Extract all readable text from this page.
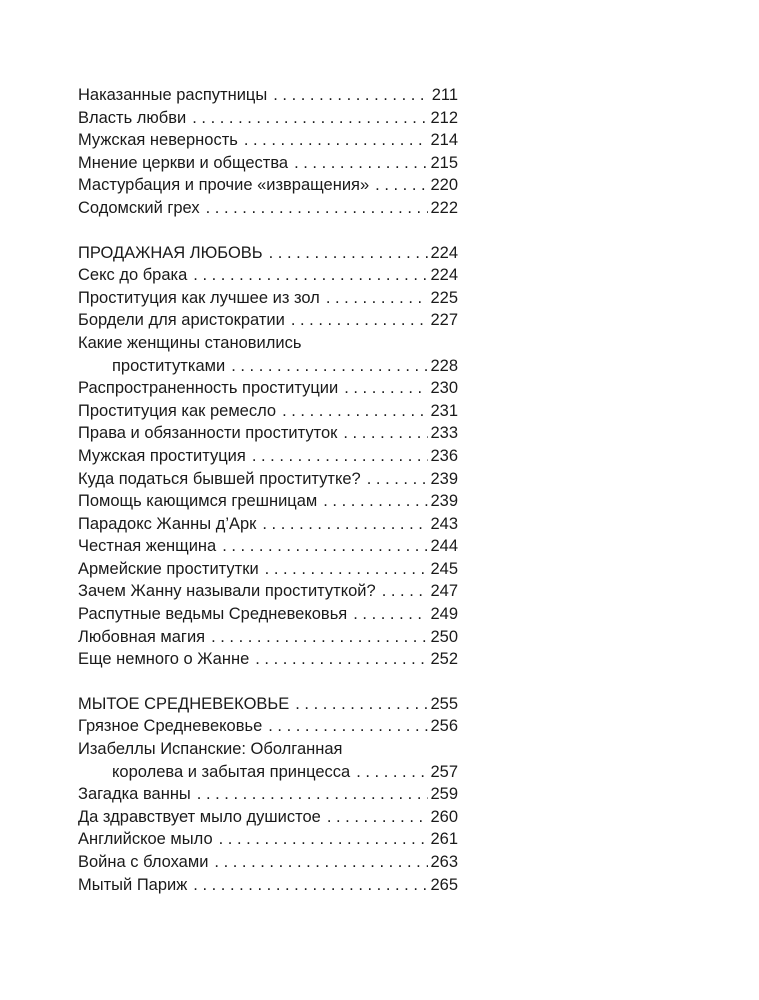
Наказанные распутницы . . .	211
Власть любви . . .	212
Мужская неверность . . .	214
Мнение церкви и общества . . .	215
Мастурбация и прочие «извращения» . . .	220
Содомский грех . . .	222
ПРОДАЖНАЯ ЛЮБОВЬ . . .	224
Секс до брака . . .	224
Проституция как лучшее из зол . . .	225
Бордели для аристократии . . .	227
Какие женщины становились
проститутками . . .	228
Распространенность проституции . . .	230
Проституция как ремесло . . .	231
Права и обязанности проституток . . .	233
Мужская проституция . . .	236
Куда податься бывшей проститутке? . . .	239
Помощь кающимся грешницам . . .	239
Парадокс Жанны д’Арк . . .	243
Честная женщина . . .	244
Армейские проститутки . . .	245
Зачем Жанну называли проституткой? . . .	247
Распутные ведьмы Средневековья . . .	249
Любовная магия . . .	250
Еще немного о Жанне . . .	252
МЫТОЕ СРЕДНЕВЕКОВЬЕ . . .	255
Грязное Средневековье . . .	256
Изабеллы Испанские: Оболганная
королева и забытая принцесса . . .	257
Загадка ванны . . .	259
Да здравствует мыло душистое . . .	260
Английское мыло . . .	261
Война с блохами . . .	263
Мытый Париж . . .	265
